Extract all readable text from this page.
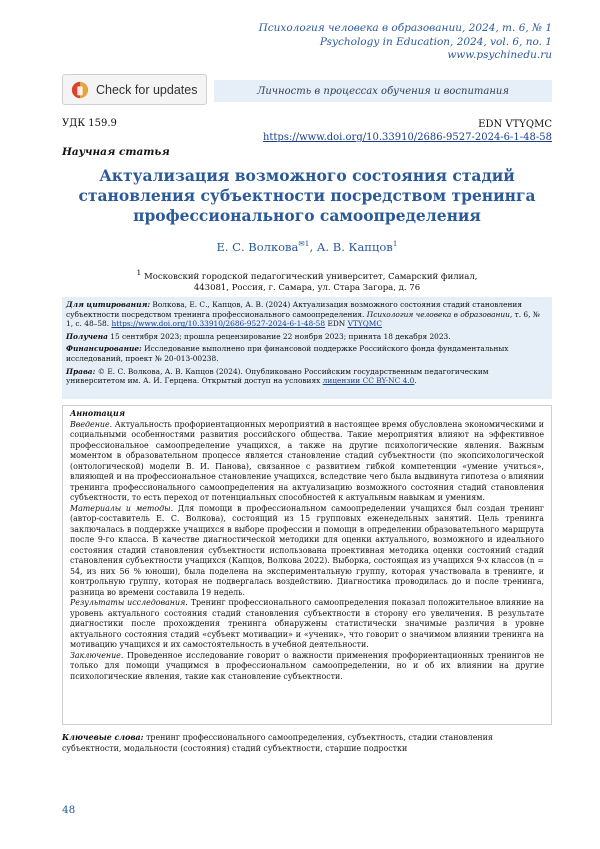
Психология человека в образовании, 2024, т. 6, № 1
Psychology in Education, 2024, vol. 6, no. 1
www.psychinedu.ru
Check for updates	Личность в процессах обучения и воспитания
УДК 159.9	EDN VTYQMC
https://www.doi.org/10.33910/2686-9527-2024-6-1-48-58
Научная статья
Актуализация возможного состояния стадий становления субъектности посредством тренинга профессионального самоопределения
Е. С. Волкова$^{✉1}$, А. В. Капцов$^1$
1 Московский городской педагогический университет, Самарский филиал,
443081, Россия, г. Самара, ул. Стара Загора, д. 76

Для цитирования: Волкова, Е. С., Капцов, А. В. (2024) Актуализация возможного состояния стадий становления субъектности посредством тренинга профессионального самоопределения. Психология человека в образовании, т. 6, № 1, с. 48–58. https://www.doi.org/10.33910/2686-9527-2024-6-1-48-58 EDN VTYQMC

Получена 15 сентября 2023; прошла рецензирование 22 ноября 2023; принята 18 декабря 2023.

Финансирование: Исследование выполнено при финансовой поддержке Российского фонда фундаментальных исследований, проект № 20-013-00238.

Права: © Е. С. Волкова, А. В. Капцов (2024). Опубликовано Российским государственным педагогическим университетом им. А. И. Герцена. Открытый доступ на условиях лицензии CC BY-NC 4.0.

Аннотация

Введение. Актуальность профориентационных мероприятий в настоящее время обусловлена экономическими и социальными особенностями развития российского общества. Такие мероприятия влияют на эффективное профессиональное самоопределение учащихся, а также на другие психологические явления. Важным моментом в образовательном процессе является становление стадий субъектности (по экопсихологической (онтологической) модели В. И. Панова), связанное с развитием гибкой компетенции «умение учиться», влияющей и на профессиональное становление учащихся, вследствие чего была выдвинута гипотеза о влиянии тренинга профессионального самоопределения на актуализацию возможного состояния стадий становления субъектности, то есть переход от потенциальных способностей к актуальным навыкам и умениям.

Материалы и методы. Для помощи в профессиональном самоопределении учащихся был создан тренинг (автор-составитель Е. С. Волкова), состоящий из 15 групповых еженедельных занятий. Цель тренинга заключалась в поддержке учащихся в выборе профессии и помощи в определении образовательного маршрута после 9-го класса. В качестве диагностической методики для оценки актуального, возможного и идеального состояния стадий становления субъектности использована проективная методика оценки состояний стадий становления субъектности учащихся (Капцов, Волкова 2022). Выборка, состоящая из учащихся 9-х классов (n = 54, из них 56 % юноши), была поделена на экспериментальную группу, которая участвовала в тренинге, и контрольную группу, которая не подвергалась воздействию. Диагностика проводилась до и после тренинга, разница во времени составила 19 недель.

Результаты исследования. Тренинг профессионального самоопределения показал положительное влияние на уровень актуального состояния стадий становления субъектности в сторону его увеличения. В результате диагностики после прохождения тренинга обнаружены статистически значимые различия в уровне актуального состояния стадий «субъект мотивации» и «ученик», что говорит о значимом влиянии тренинга на мотивацию учащихся и их самостоятельность в учебной деятельности.

Заключение. Проведенное исследование говорит о важности применения профориентационных тренингов не только для помощи учащимся в профессиональном самоопределении, но и об их влиянии на другие психологические явления, такие как становление субъектности.

Ключевые слова: тренинг профессионального самоопределения, субъектность, стадии становления субъектности, модальности (состояния) стадий субъектности, старшие подростки
48
